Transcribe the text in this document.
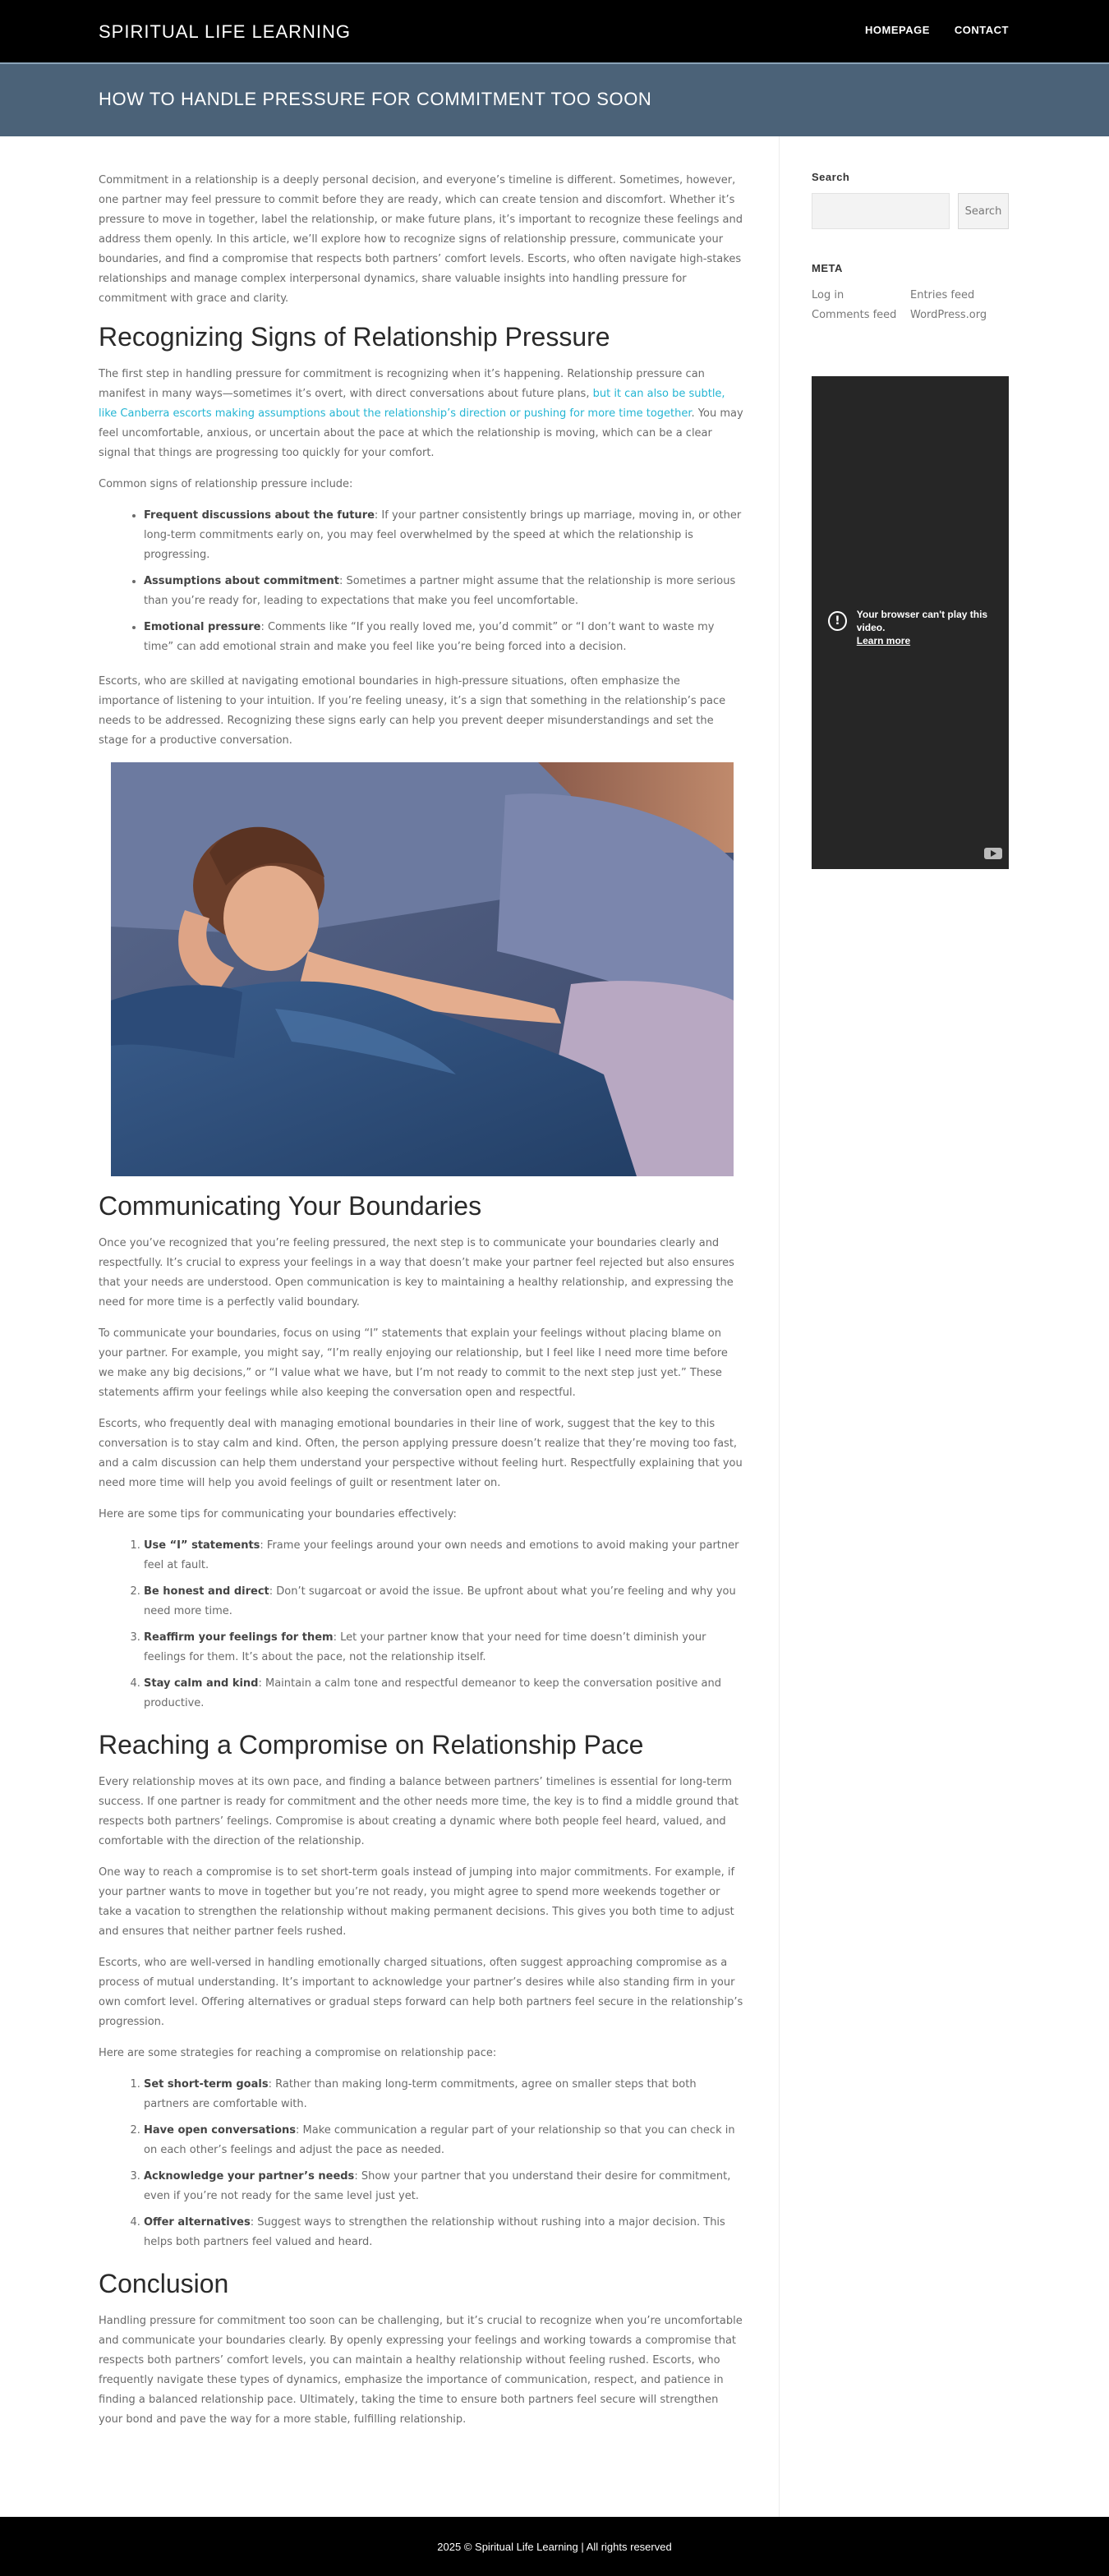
SPIRITUAL LIFE LEARNING	HOMEPAGE CONTACT
HOW TO HANDLE PRESSURE FOR COMMITMENT TOO SOON

Commitment in a relationship is a deeply personal decision, and everyone’s timeline is different. Sometimes, however, one partner may feel pressure to commit before they are ready, which can create tension and discomfort. Whether it’s pressure to move in together, label the relationship, or make future plans, it’s important to recognize these feelings and address them openly. In this article, we’ll explore how to recognize signs of relationship pressure, communicate your boundaries, and find a compromise that respects both partners’ comfort levels. Escorts, who often navigate high-stakes relationships and manage complex interpersonal dynamics, share valuable insights into handling pressure for commitment with grace and clarity.

Recognizing Signs of Relationship Pressure

The first step in handling pressure for commitment is recognizing when it’s happening. Relationship pressure can manifest in many ways—sometimes it’s overt, with direct conversations about future plans, but it can also be subtle, like Canberra escorts making assumptions about the relationship’s direction or pushing for more time together. You may feel uncomfortable, anxious, or uncertain about the pace at which the relationship is moving, which can be a clear signal that things are progressing too quickly for your comfort.

Common signs of relationship pressure include:

• Frequent discussions about the future: If your partner consistently brings up marriage, moving in, or other long-term commitments early on, you may feel overwhelmed by the speed at which the relationship is progressing.
• Assumptions about commitment: Sometimes a partner might assume that the relationship is more serious than you’re ready for, leading to expectations that make you feel uncomfortable.
• Emotional pressure: Comments like “If you really loved me, you’d commit” or “I don’t want to waste my time” can add emotional strain and make you feel like you’re being forced into a decision.

Escorts, who are skilled at navigating emotional boundaries in high-pressure situations, often emphasize the importance of listening to your intuition. If you’re feeling uneasy, it’s a sign that something in the relationship’s pace needs to be addressed. Recognizing these signs early can help you prevent deeper misunderstandings and set the stage for a productive conversation.

Communicating Your Boundaries

Once you’ve recognized that you’re feeling pressured, the next step is to communicate your boundaries clearly and respectfully. It’s crucial to express your feelings in a way that doesn’t make your partner feel rejected but also ensures that your needs are understood. Open communication is key to maintaining a healthy relationship, and expressing the need for more time is a perfectly valid boundary.

To communicate your boundaries, focus on using “I” statements that explain your feelings without placing blame on your partner. For example, you might say, “I’m really enjoying our relationship, but I feel like I need more time before we make any big decisions,” or “I value what we have, but I’m not ready to commit to the next step just yet.” These statements affirm your feelings while also keeping the conversation open and respectful.

Escorts, who frequently deal with managing emotional boundaries in their line of work, suggest that the key to this conversation is to stay calm and kind. Often, the person applying pressure doesn’t realize that they’re moving too fast, and a calm discussion can help them understand your perspective without feeling hurt. Respectfully explaining that you need more time will help you avoid feelings of guilt or resentment later on.

Here are some tips for communicating your boundaries effectively:

1. Use “I” statements: Frame your feelings around your own needs and emotions to avoid making your partner feel at fault.
2. Be honest and direct: Don’t sugarcoat or avoid the issue. Be upfront about what you’re feeling and why you need more time.
3. Reaffirm your feelings for them: Let your partner know that your need for time doesn’t diminish your feelings for them. It’s about the pace, not the relationship itself.
4. Stay calm and kind: Maintain a calm tone and respectful demeanor to keep the conversation positive and productive.
Reaching a Compromise on Relationship Pace

Every relationship moves at its own pace, and finding a balance between partners’ timelines is essential for long-term success. If one partner is ready for commitment and the other needs more time, the key is to find a middle ground that respects both partners’ feelings. Compromise is about creating a dynamic where both people feel heard, valued, and comfortable with the direction of the relationship.

One way to reach a compromise is to set short-term goals instead of jumping into major commitments. For example, if your partner wants to move in together but you’re not ready, you might agree to spend more weekends together or take a vacation to strengthen the relationship without making permanent decisions. This gives you both time to adjust and ensures that neither partner feels rushed.

Escorts, who are well-versed in handling emotionally charged situations, often suggest approaching compromise as a process of mutual understanding. It’s important to acknowledge your partner’s desires while also standing firm in your own comfort level. Offering alternatives or gradual steps forward can help both partners feel secure in the relationship’s progression.

Here are some strategies for reaching a compromise on relationship pace:

1. Set short-term goals: Rather than making long-term commitments, agree on smaller steps that both partners are comfortable with.
2. Have open conversations: Make communication a regular part of your relationship so that you can check in on each other’s feelings and adjust the pace as needed.
3. Acknowledge your partner’s needs: Show your partner that you understand their desire for commitment, even if you’re not ready for the same level just yet.
4. Offer alternatives: Suggest ways to strengthen the relationship without rushing into a major decision. This helps both partners feel valued and heard.
Conclusion

Handling pressure for commitment too soon can be challenging, but it’s crucial to recognize when you’re uncomfortable and communicate your boundaries clearly. By openly expressing your feelings and working towards a compromise that respects both partners’ comfort levels, you can maintain a healthy relationship without feeling rushed. Escorts, who frequently navigate these types of dynamics, emphasize the importance of communication, respect, and patience in finding a balanced relationship pace. Ultimately, taking the time to ensure both partners feel secure will strengthen your bond and pave the way for a more stable, fulfilling relationship.

Search
Search
META
Log in	Entries feed
Comments feed	WordPress.org
!	Your browser can't play this video.
Learn more
2025 © Spiritual Life Learning | All rights reserved
